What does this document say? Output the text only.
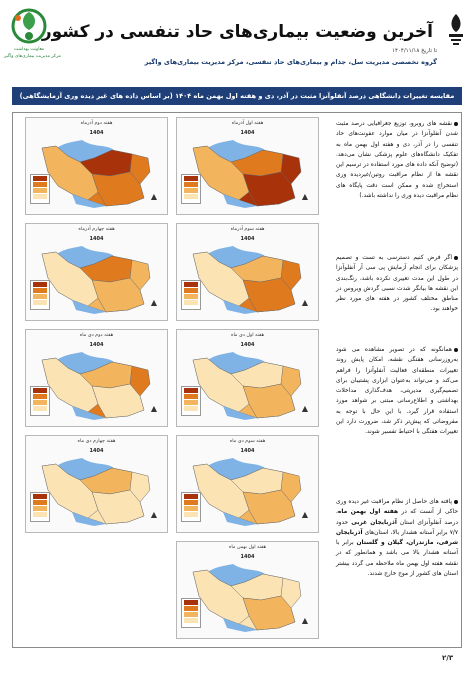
معاونت بهداشت
مرکز مدیریت بیماری‌های واگیر
آخرین وضعیت بیماری‌های حاد تنفسی در کشور
تا تاریخ ۱۴۰۴/۱۱/۱۸
گروه تخصصی مدیریت سل، جذام و بیماری‌های حاد تنفسی، مرکز مدیریت بیماری‌های واگیر
مقایسه تغییرات دانشگاهی درصد آنفلوآنزا مثبت در آذر، دی و هفته اول بهمن ماه ۱۴۰۴ (بر اساس داده های غیر دیده وری آزمایشگاهی)
هفته اول آذرماه
1404
▲
هفته دوم آذرماه
1404
▲
هفته سوم آذرماه
1404
▲
هفته چهارم آذرماه
1404
▲
هفته اول دی ماه
1404
▲
هفته دوم دی ماه
1404
▲
هفته سوم دی ماه
1404
▲
هفته چهارم دی ماه
1404
▲
هفته اول بهمن ماه
1404
▲
نقشه های روبرو، توزیع جغرافیایی درصد مثبت شدن آنفلوآنزا در میان موارد عفونت‌های حاد تنفسی را در آذر، دی و هفته اول بهمن ماه به تفکیک دانشگاه‌های علوم پزشکی نشان می‌دهد. (توضیح آنکه داده های مورد استفاده در ترسیم این نقشه ها از نظام مراقبت روتین/غیردیده وری استخراج شده و ممکن است دقت پایگاه های نظام مراقبت دیده وری را نداشته باشد.)
اگر فرض کنیم دسترسی به تست و تصمیم پزشکان برای انجام آزمایش پی سی آر آنفلوآنزا در طول این مدت تغییری نکرده باشد، رنگ‌بندی این نقشه ها بیانگر شدت نسبی گردش ویروس در مناطق مختلف کشور در هفته های مورد نظر خواهند بود.
همانگونه که در تصویر مشاهده می شود به‌روزرسانی هفتگی نقشه، امکان پایش روند تغییرات منطقه‌ای فعالیت آنفلوآنزا را فراهم می‌کند و می‌تواند به‌عنوان ابزاری پشتیبان برای تصمیم‌گیری مدیریتی، هدف‌گذاری مداخلات بهداشتی و اطلاع‌رسانی مبتنی بر شواهد مورد استفاده قرار گیرد. با این حال با توجه به مفروضاتی که پیش‌تر ذکر شد، ضرورت دارد این تغییرات هفتگی با احتیاط تفسیر شوند.
پافته های حاصل از نظام مراقبت غیر دیده وری حاکی از آنست که در هفته اول بهمن ماه، درصد آنفلوآنزای استان آذربایجان غربی حدود ۷/۷ برابر آستانه هشدار بالا، استان‌های آذربایجان شرقی، مازندران، گیلان و گلستان برابر با آستانه هشدار بالا می باشد و همانطور که در نقشه هفته اول بهمن ماه ملاحظه می گردد بیشتر استان های کشور از موج خارج شدند.
۲/۳
